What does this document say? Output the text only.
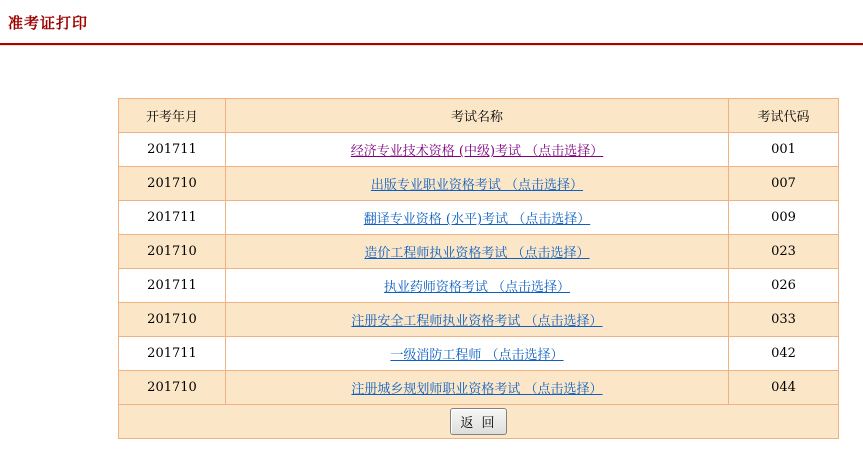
准考证打印
开考年月	考试名称	考试代码
201711	经济专业技术资格 (中级)考试 （点击选择）	001
201710	出版专业职业资格考试 （点击选择）	007
201711	翻译专业资格 (水平)考试 （点击选择）	009
201710	造价工程师执业资格考试 （点击选择）	023
201711	执业药师资格考试 （点击选择）	026
201710	注册安全工程师执业资格考试 （点击选择）	033
201711	一级消防工程师 （点击选择）	042
201710	注册城乡规划师职业资格考试 （点击选择）	044
返 回		
